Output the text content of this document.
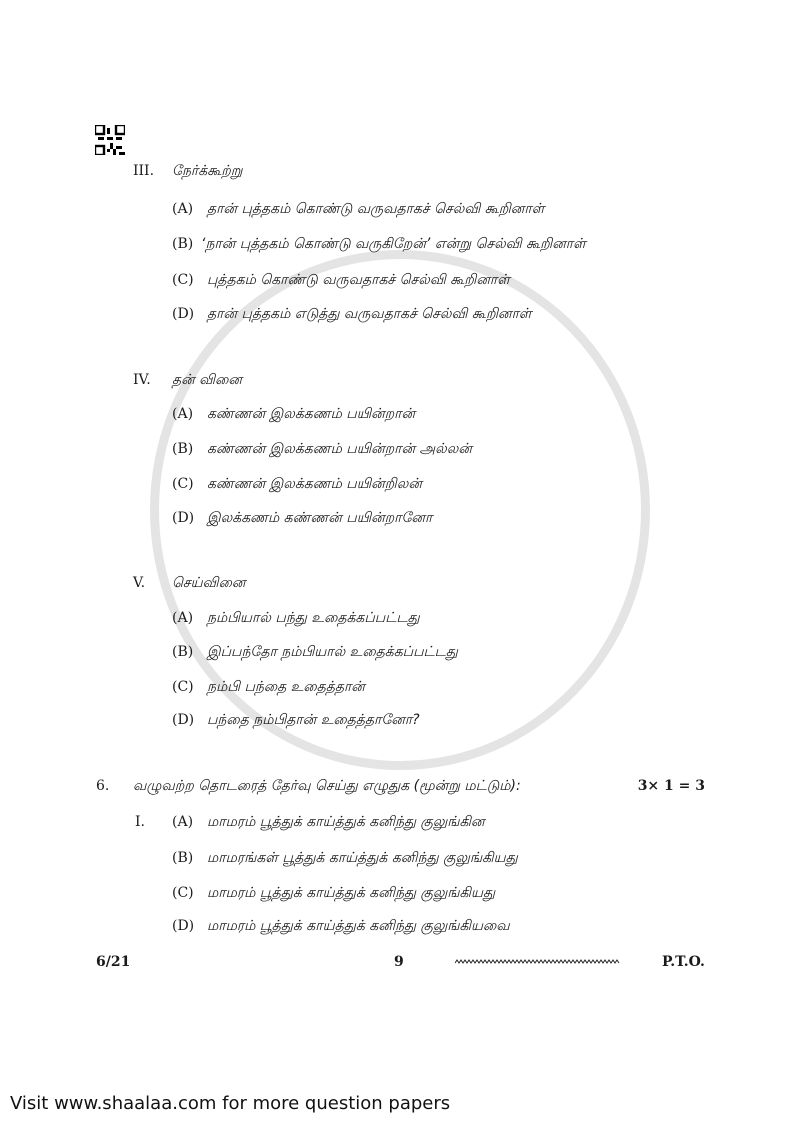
III. நேர்க்கூற்று
(A) தான் புத்தகம் கொண்டு வருவதாகச் செல்வி கூறினாள்
(B) ‘நான் புத்தகம் கொண்டு வருகிறேன்’ என்று செல்வி கூறினாள்
(C) புத்தகம் கொண்டு வருவதாகச் செல்வி கூறினாள்
(D) தான் புத்தகம் எடுத்து வருவதாகச் செல்வி கூறினாள்
IV. தன் வினை
(A) கண்ணன் இலக்கணம் பயின்றான்
(B) கண்ணன் இலக்கணம் பயின்றான் அல்லன்
(C) கண்ணன் இலக்கணம் பயின்றிலன்
(D) இலக்கணம் கண்ணன் பயின்றானோ
V. செய்வினை
(A) நம்பியால் பந்து உதைக்கப்பட்டது
(B) இப்பந்தோ நம்பியால் உதைக்கப்பட்டது
(C) நம்பி பந்தை உதைத்தான்
(D) பந்தை நம்பிதான் உதைத்தானோ?
6. வழுவற்ற தொடரைத் தேர்வு செய்து எழுதுக (மூன்று மட்டும்):	3× 1 = 3
I. (A) மாமரம் பூத்துக் காய்த்துக் கனிந்து குலுங்கின
(B) மாமரங்கள் பூத்துக் காய்த்துக் கனிந்து குலுங்கியது
(C) மாமரம் பூத்துக் காய்த்துக் கனிந்து குலுங்கியது
(D) மாமரம் பூத்துக் காய்த்துக் கனிந்து குலுங்கியவை
6/21	9	P.T.O.
Visit www.shaalaa.com for more question papers
